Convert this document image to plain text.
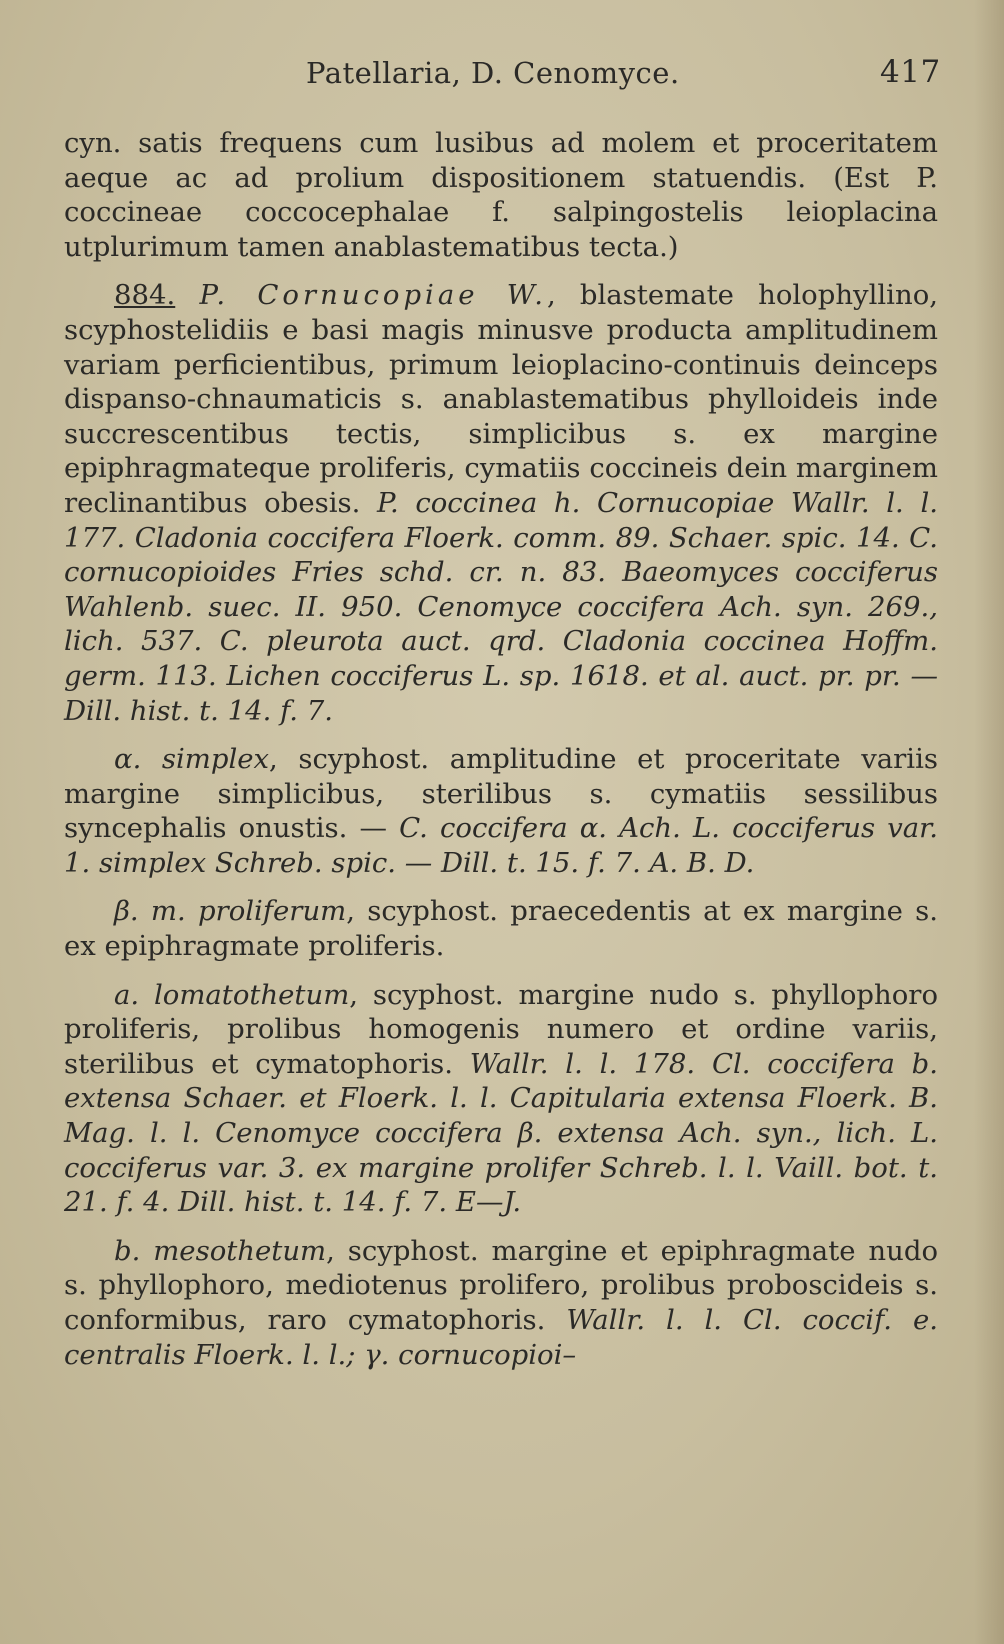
Patellaria, D. Cenomyce.	417

cyn. satis frequens cum lusibus ad molem et proceritatem aeque ac ad prolium dispositionem statuendis. (Est P. coccineae coccocephalae f. salpingostelis leioplacina utplurimum tamen anablastematibus tecta.)

884. P. Cornucopiae W., blastemate holophyllino, scyphostelidiis e basi magis minusve producta amplitudinem variam perficientibus, primum leioplacino-continuis deinceps dispanso-chnaumaticis s. anablastematibus phylloideis inde succrescentibus tectis, simplicibus s. ex margine epiphragmateque proliferis, cymatiis coccineis dein marginem reclinantibus obesis. P. coccinea h. Cornucopiae Wallr. l. l. 177. Cladonia coccifera Floerk. comm. 89. Schaer. spic. 14. C. cornucopioides Fries schd. cr. n. 83. Baeomyces cocciferus Wahlenb. suec. II. 950. Cenomyce coccifera Ach. syn. 269., lich. 537. C. pleurota auct. qrd. Cladonia coccinea Hoffm. germ. 113. Lichen cocciferus L. sp. 1618. et al. auct. pr. pr. — Dill. hist. t. 14. f. 7.

α. simplex, scyphost. amplitudine et proceritate variis margine simplicibus, sterilibus s. cymatiis sessilibus syncephalis onustis. — C. coccifera α. Ach. L. cocciferus var. 1. simplex Schreb. spic. — Dill. t. 15. f. 7. A. B. D.

β. m. proliferum, scyphost. praecedentis at ex margine s. ex epiphragmate proliferis.

a. lomatothetum, scyphost. margine nudo s. phyllophoro proliferis, prolibus homogenis numero et ordine variis, sterilibus et cymatophoris. Wallr. l. l. 178. Cl. coccifera b. extensa Schaer. et Floerk. l. l. Capitularia extensa Floerk. B. Mag. l. l. Cenomyce coccifera β. extensa Ach. syn., lich. L. cocciferus var. 3. ex margine prolifer Schreb. l. l. Vaill. bot. t. 21. f. 4. Dill. hist. t. 14. f. 7. E—J.

b. mesothetum, scyphost. margine et epiphragmate nudo s. phyllophoro, mediotenus prolifero, prolibus proboscideis s. conformibus, raro cymatophoris. Wallr. l. l. Cl. coccif. e. centralis Floerk. l. l.; γ. cornucopioi–
